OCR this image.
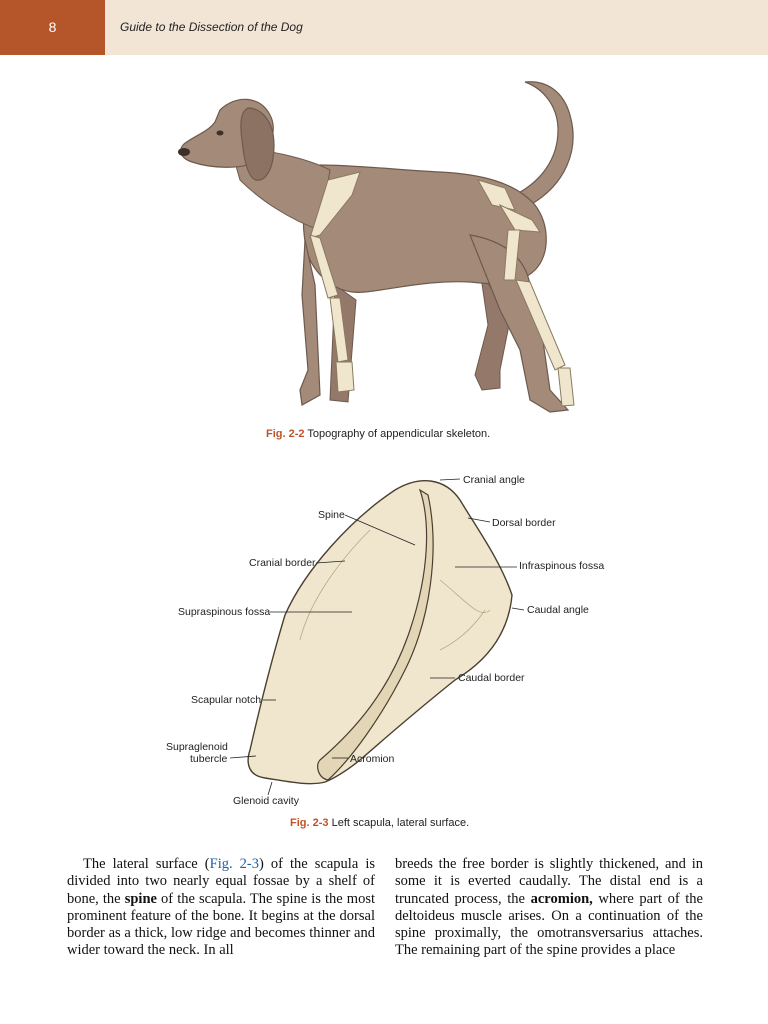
8	Guide to the Dissection of the Dog
Fig. 2-2 Topography of appendicular skeleton.
Cranial angle
Spine
Dorsal border
Cranial border	Infraspinous fossa
Supraspinous fossa	Caudal angle
Caudal border
Scapular notch
Supraglenoid
tubercle	Acromion
Glenoid cavity
Fig. 2-3 Left scapula, lateral surface.

The lateral surface (Fig. 2-3) of the scapula is divided into two nearly equal fossae by a shelf of bone, the spine of the scapula. The spine is the most prominent feature of the bone. It begins at the dorsal border as a thick, low ridge and becomes thinner and wider toward the neck. In all

breeds the free border is slightly thickened, and in some it is everted caudally. The distal end is a truncated process, the acromion, where part of the deltoideus muscle arises. On a continuation of the spine proximally, the omotransversarius attaches. The remaining part of the spine provides a place
